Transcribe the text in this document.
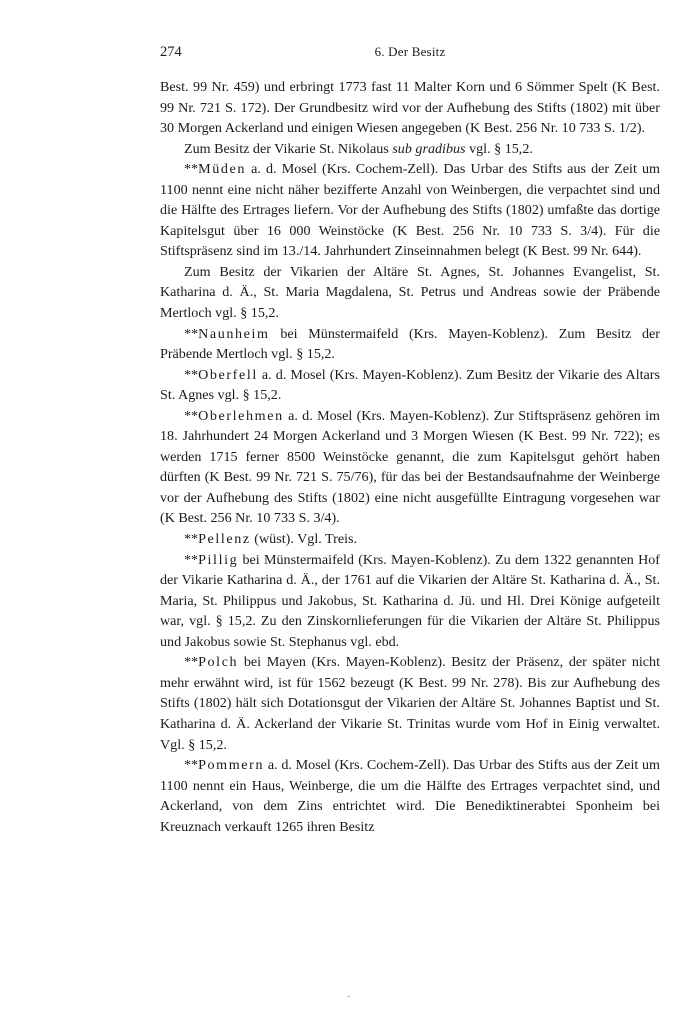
6. Der Besitz
274

Best. 99 Nr. 459) und erbringt 1773 fast 11 Malter Korn und 6 Sömmer Spelt (K Best. 99 Nr. 721 S. 172). Der Grundbesitz wird vor der Aufhebung des Stifts (1802) mit über 30 Morgen Ackerland und einigen Wiesen angegeben (K Best. 256 Nr. 10 733 S. 1/2).

Zum Besitz der Vikarie St. Nikolaus sub gradibus vgl. § 15,2.

**Müden a. d. Mosel (Krs. Cochem-Zell). Das Urbar des Stifts aus der Zeit um 1100 nennt eine nicht näher bezifferte Anzahl von Weinbergen, die verpachtet sind und die Hälfte des Ertrages liefern. Vor der Aufhebung des Stifts (1802) umfaßte das dortige Kapitelsgut über 16 000 Weinstöcke (K Best. 256 Nr. 10 733 S. 3/4). Für die Stiftspräsenz sind im 13./14. Jahrhundert Zinseinnahmen belegt (K Best. 99 Nr. 644).

Zum Besitz der Vikarien der Altäre St. Agnes, St. Johannes Evangelist, St. Katharina d. Ä., St. Maria Magdalena, St. Petrus und Andreas sowie der Präbende Mertloch vgl. § 15,2.

**Naunheim bei Münstermaifeld (Krs. Mayen-Koblenz). Zum Besitz der Präbende Mertloch vgl. § 15,2.

**Oberfell a. d. Mosel (Krs. Mayen-Koblenz). Zum Besitz der Vikarie des Altars St. Agnes vgl. § 15,2.

**Oberlehmen a. d. Mosel (Krs. Mayen-Koblenz). Zur Stiftspräsenz gehören im 18. Jahrhundert 24 Morgen Ackerland und 3 Morgen Wiesen (K Best. 99 Nr. 722); es werden 1715 ferner 8500 Weinstöcke genannt, die zum Kapitelsgut gehört haben dürften (K Best. 99 Nr. 721 S. 75/76), für das bei der Bestandsaufnahme der Weinberge vor der Aufhebung des Stifts (1802) eine nicht ausgefüllte Eintragung vorgesehen war (K Best. 256 Nr. 10 733 S. 3/4).

**Pellenz (wüst). Vgl. Treis.

**Pillig bei Münstermaifeld (Krs. Mayen-Koblenz). Zu dem 1322 genannten Hof der Vikarie Katharina d. Ä., der 1761 auf die Vikarien der Altäre St. Katharina d. Ä., St. Maria, St. Philippus und Jakobus, St. Katharina d. Jü. und Hl. Drei Könige aufgeteilt war, vgl. § 15,2. Zu den Zinskornlieferungen für die Vikarien der Altäre St. Philippus und Jakobus sowie St. Stephanus vgl. ebd.

**Polch bei Mayen (Krs. Mayen-Koblenz). Besitz der Präsenz, der später nicht mehr erwähnt wird, ist für 1562 bezeugt (K Best. 99 Nr. 278). Bis zur Aufhebung des Stifts (1802) hält sich Dotationsgut der Vikarien der Altäre St. Johannes Baptist und St. Katharina d. Ä. Ackerland der Vikarie St. Trinitas wurde vom Hof in Einig verwaltet. Vgl. § 15,2.

**Pommern a. d. Mosel (Krs. Cochem-Zell). Das Urbar des Stifts aus der Zeit um 1100 nennt ein Haus, Weinberge, die um die Hälfte des Ertrages verpachtet sind, und Ackerland, von dem Zins entrichtet wird. Die Benediktinerabtei Sponheim bei Kreuznach verkauft 1265 ihren Besitz
